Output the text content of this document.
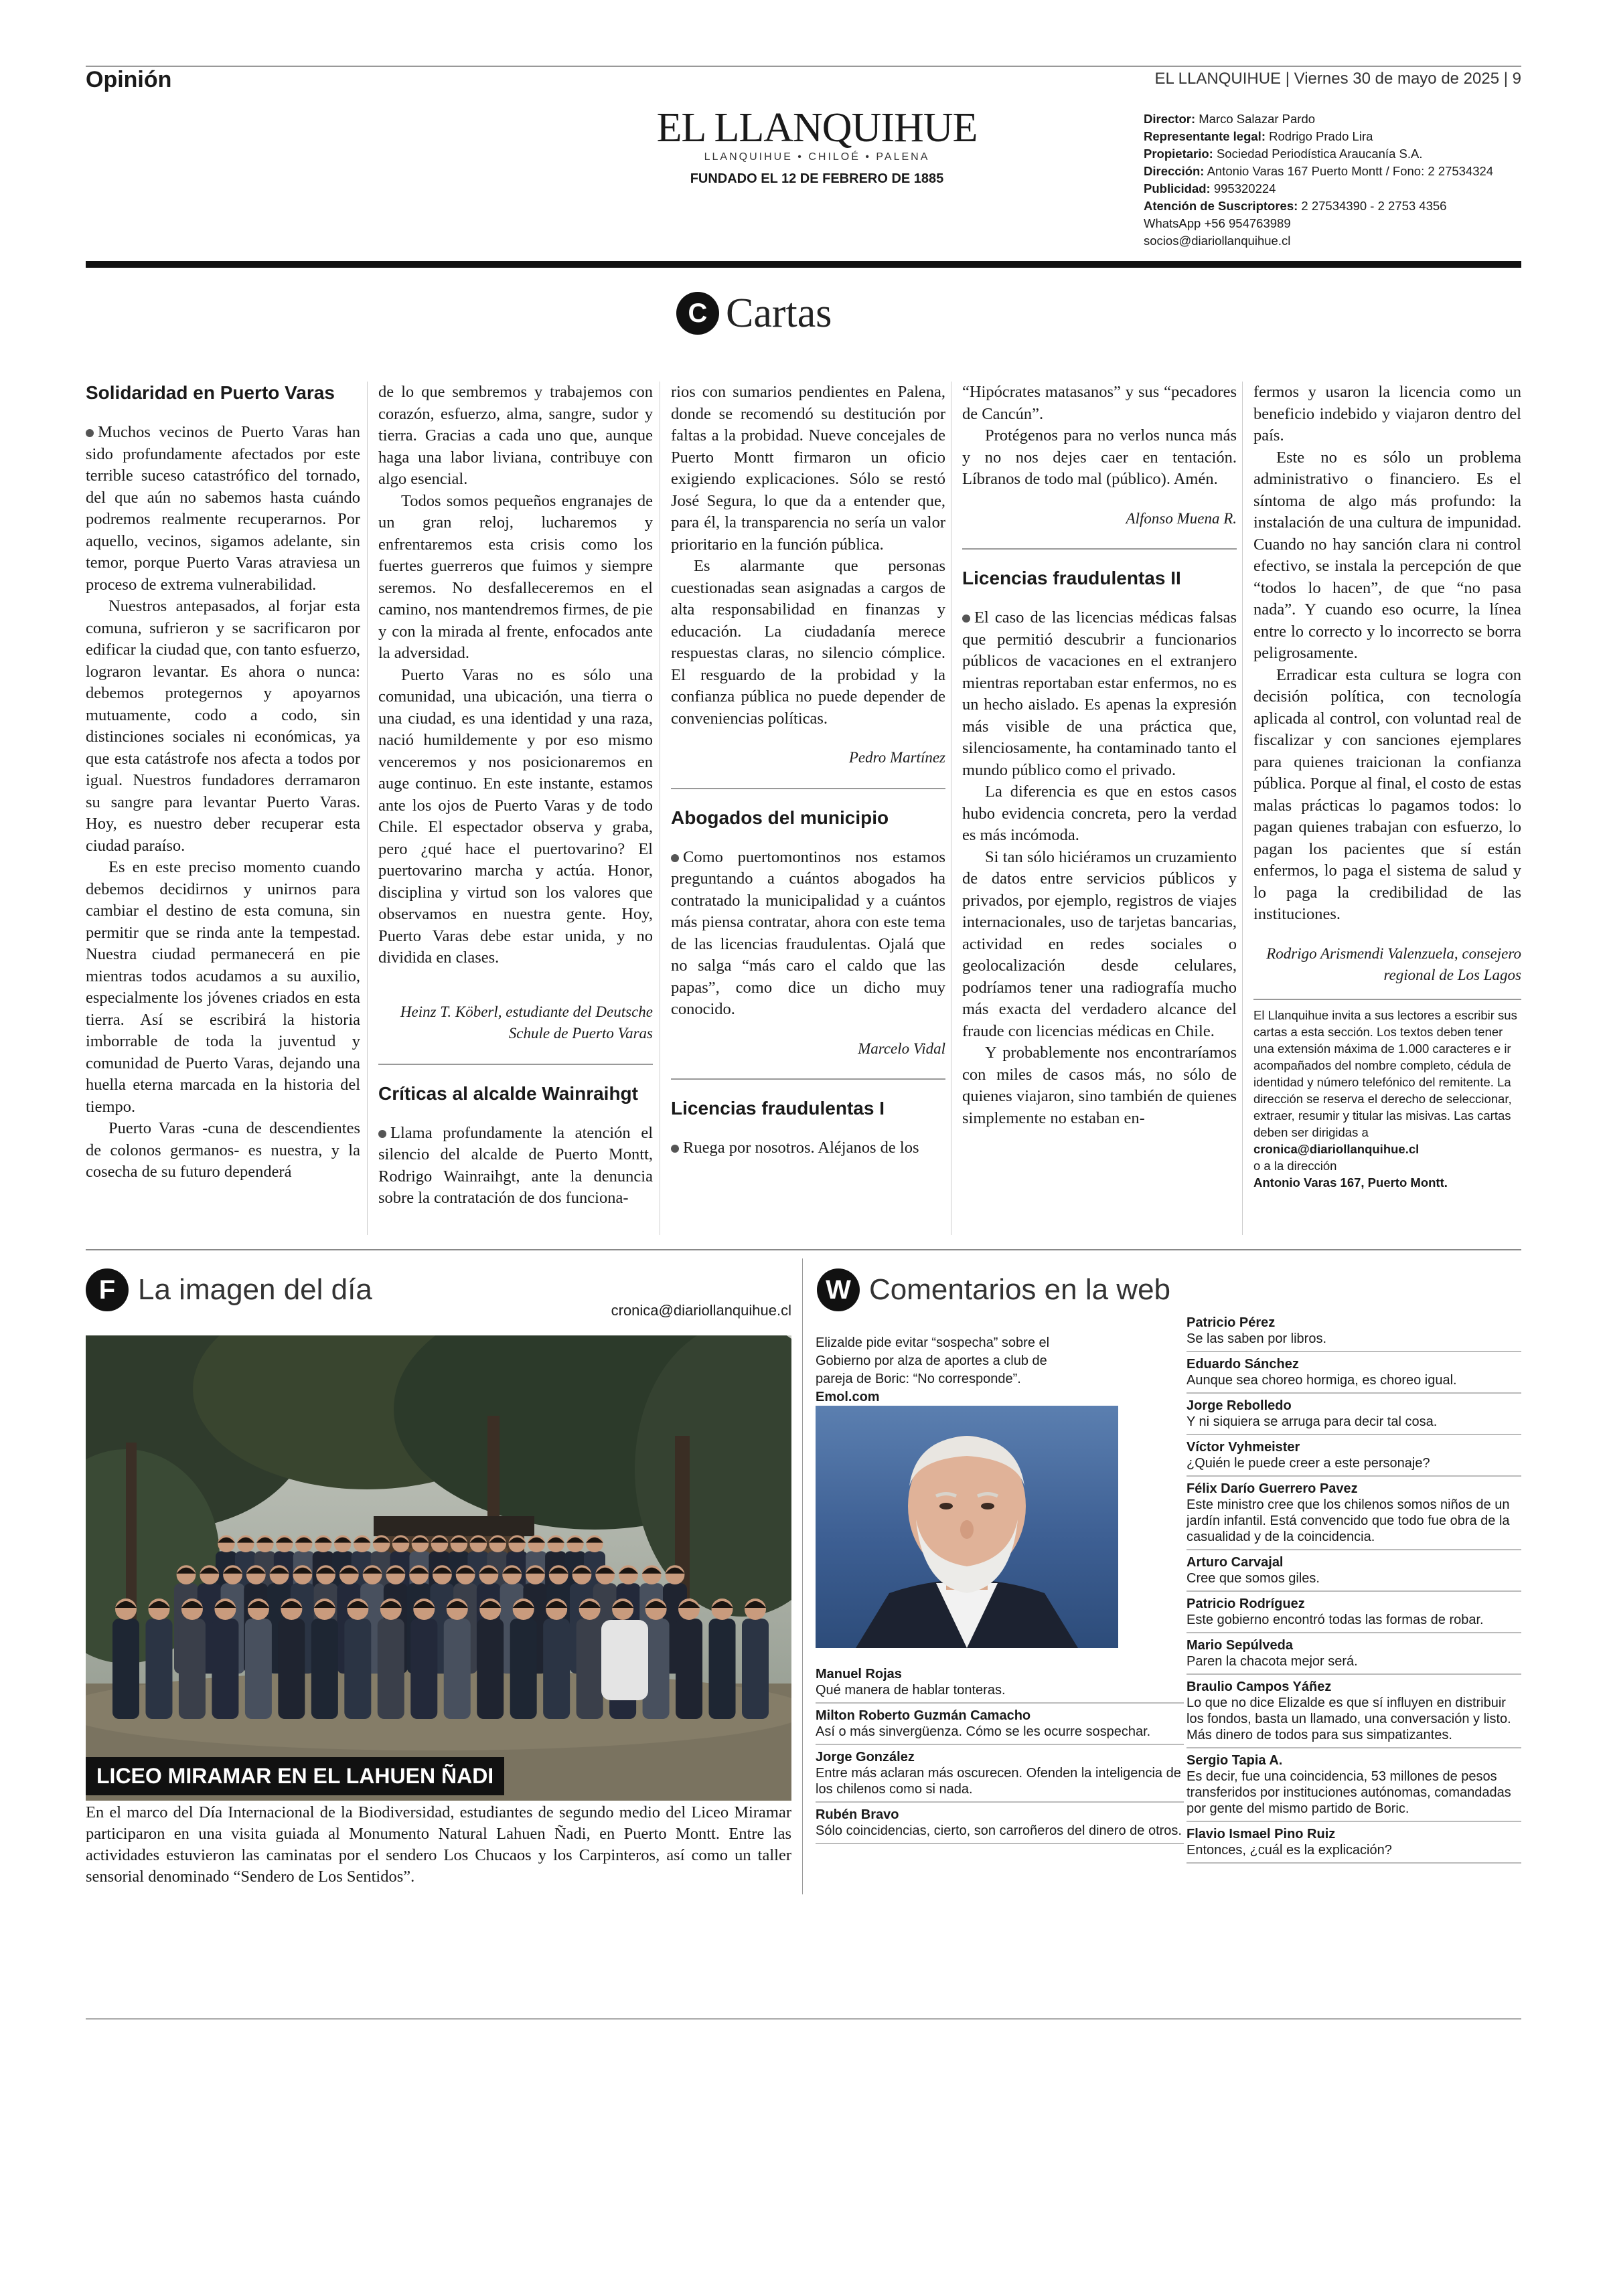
Opinión	EL LLANQUIHUE | Viernes 30 de mayo de 2025 | 9
EL LLANQUIHUE
LLANQUIHUE • CHILOÉ • PALENA
FUNDADO EL 12 DE FEBRERO DE 1885
Director: Marco Salazar Pardo
Representante legal: Rodrigo Prado Lira
Propietario: Sociedad Periodística Araucanía S.A.
Dirección: Antonio Varas 167 Puerto Montt / Fono: 2 27534324
Publicidad: 995320224
Atención de Suscriptores: 2 27534390 - 2 2753 4356
WhatsApp +56 954763989
socios@diariollanquihue.cl
C Cartas
Solidaridad en Puerto Varas

Muchos vecinos de Puerto Varas han sido profundamente afectados por este terrible suceso catastrófico del tornado, del que aún no sabemos hasta cuándo podremos realmente recuperarnos. Por aquello, vecinos, sigamos adelante, sin temor, porque Puerto Varas atraviesa un proceso de extrema vulnerabilidad.

Nuestros antepasados, al forjar esta comuna, sufrieron y se sacrificaron por edificar la ciudad que, con tanto esfuerzo, lograron levantar. Es ahora o nunca: debemos protegernos y apoyarnos mutuamente, codo a codo, sin distinciones sociales ni económicas, ya que esta catástrofe nos afecta a todos por igual. Nuestros fundadores derramaron su sangre para levantar Puerto Varas. Hoy, es nuestro deber recuperar esta ciudad paraíso.

Es en este preciso momento cuando debemos decidirnos y unirnos para cambiar el destino de esta comuna, sin permitir que se rinda ante la tempestad. Nuestra ciudad permanecerá en pie mientras todos acudamos a su auxilio, especialmente los jóvenes criados en esta tierra. Así se escribirá la historia imborrable de toda la juventud y comunidad de Puerto Varas, dejando una huella eterna marcada en la historia del tiempo.

Puerto Varas -cuna de descendientes de colonos germanos- es nuestra, y la cosecha de su futuro dependerá

de lo que sembremos y trabajemos con corazón, esfuerzo, alma, sangre, sudor y tierra. Gracias a cada uno que, aunque haga una labor liviana, contribuye con algo esencial.

Todos somos pequeños engranajes de un gran reloj, lucharemos y enfrentaremos esta crisis como los fuertes guerreros que fuimos y siempre seremos. No desfalleceremos en el camino, nos mantendremos firmes, de pie y con la mirada al frente, enfocados ante la adversidad.

Puerto Varas no es sólo una comunidad, una ubicación, una tierra o una ciudad, es una identidad y una raza, nació humildemente y por eso mismo venceremos y nos posicionaremos en auge continuo. En este instante, estamos ante los ojos de Puerto Varas y de todo Chile. El espectador observa y graba, pero ¿qué hace el puertovarino? El puertovarino marcha y actúa. Honor, disciplina y virtud son los valores que observamos en nuestra gente. Hoy, Puerto Varas debe estar unida, y no dividida en clases.

Heinz T. Köberl, estudiante del Deutsche Schule de Puerto Varas

Críticas al alcalde Wainraihgt

Llama profundamente la atención el silencio del alcalde de Puerto Montt, Rodrigo Wainraihgt, ante la denuncia sobre la contratación de dos funciona-

rios con sumarios pendientes en Palena, donde se recomendó su destitución por faltas a la probidad. Nueve concejales de Puerto Montt firmaron un oficio exigiendo explicaciones. Sólo se restó José Segura, lo que da a entender que, para él, la transparencia no sería un valor prioritario en la función pública.

Es alarmante que personas cuestionadas sean asignadas a cargos de alta responsabilidad en finanzas y educación. La ciudadanía merece respuestas claras, no silencio cómplice. El resguardo de la probidad y la confianza pública no puede depender de conveniencias políticas.

Pedro Martínez

Abogados del municipio

Como puertomontinos nos estamos preguntando a cuántos abogados ha contratado la municipalidad y a cuántos más piensa contratar, ahora con este tema de las licencias fraudulentas. Ojalá que no salga “más caro el caldo que las papas”, como dice un dicho muy conocido.

Marcelo Vidal

Licencias fraudulentas I

Ruega por nosotros. Aléjanos de los

“Hipócrates matasanos” y sus “pecadores de Cancún”.

Protégenos para no verlos nunca más y no nos dejes caer en tentación. Líbranos de todo mal (público). Amén.

Alfonso Muena R.

Licencias fraudulentas II

El caso de las licencias médicas falsas que permitió descubrir a funcionarios públicos de vacaciones en el extranjero mientras reportaban estar enfermos, no es un hecho aislado. Es apenas la expresión más visible de una práctica que, silenciosamente, ha contaminado tanto el mundo público como el privado.

La diferencia es que en estos casos hubo evidencia concreta, pero la verdad es más incómoda.

Si tan sólo hiciéramos un cruzamiento de datos entre servicios públicos y privados, por ejemplo, registros de viajes internacionales, uso de tarjetas bancarias, actividad en redes sociales o geolocalización desde celulares, podríamos tener una radiografía mucho más exacta del verdadero alcance del fraude con licencias médicas en Chile.

Y probablemente nos encontraríamos con miles de casos más, no sólo de quienes viajaron, sino también de quienes simplemente no estaban en-

fermos y usaron la licencia como un beneficio indebido y viajaron dentro del país.

Este no es sólo un problema administrativo o financiero. Es el síntoma de algo más profundo: la instalación de una cultura de impunidad. Cuando no hay sanción clara ni control efectivo, se instala la percepción de que “todos lo hacen”, de que “no pasa nada”. Y cuando eso ocurre, la línea entre lo correcto y lo incorrecto se borra peligrosamente.

Erradicar esta cultura se logra con decisión política, con tecnología aplicada al control, con voluntad real de fiscalizar y con sanciones ejemplares para quienes traicionan la confianza pública. Porque al final, el costo de estas malas prácticas lo pagamos todos: lo pagan quienes trabajan con esfuerzo, lo pagan los pacientes que sí están enfermos, lo paga el sistema de salud y lo paga la credibilidad de las instituciones.

Rodrigo Arismendi Valenzuela, consejero regional de Los Lagos

El Llanquihue invita a sus lectores a escribir sus cartas a esta sección. Los textos deben tener una extensión máxima de 1.000 caracteres e ir acompañados del nombre completo, cédula de identidad y número telefónico del remitente. La dirección se reserva el derecho de seleccionar, extraer, resumir y titular las misivas. Las cartas deben ser dirigidas a
cronica@diariollanquihue.cl
o a la dirección
Antonio Varas 167, Puerto Montt.
F La imagen del día
cronica@diariollanquihue.cl
LICEO MIRAMAR EN EL LAHUEN ÑADI
En el marco del Día Internacional de la Biodiversidad, estudiantes de segundo medio del Liceo Miramar participaron en una visita guiada al Monumento Natural Lahuen Ñadi, en Puerto Montt. Entre las actividades estuvieron las caminatas por el sendero Los Chucaos y los Carpinteros, así como un taller sensorial denominado “Sendero de Los Sentidos”.
W Comentarios en la web
Elizalde pide evitar “sospecha” sobre el Gobierno por alza de aportes a club de pareja de Boric: “No corresponde”. Emol.com
Manuel Rojas
Qué manera de hablar tonteras.
Milton Roberto Guzmán Camacho
Así o más sinvergüenza. Cómo se les ocurre sospechar.
Jorge González
Entre más aclaran más oscurecen. Ofenden la inteligencia de los chilenos como si nada.
Rubén Bravo
Sólo coincidencias, cierto, son carroñeros del dinero de otros.
Patricio Pérez
Se las saben por libros.
Eduardo Sánchez
Aunque sea choreo hormiga, es choreo igual.
Jorge Rebolledo
Y ni siquiera se arruga para decir tal cosa.
Víctor Vyhmeister
¿Quién le puede creer a este personaje?
Félix Darío Guerrero Pavez
Este ministro cree que los chilenos somos niños de un jardín infantil. Está convencido que todo fue obra de la casualidad y de la coincidencia.
Arturo Carvajal
Cree que somos giles.
Patricio Rodríguez
Este gobierno encontró todas las formas de robar.
Mario Sepúlveda
Paren la chacota mejor será.
Braulio Campos Yáñez
Lo que no dice Elizalde es que sí influyen en distribuir los fondos, basta un llamado, una conversación y listo. Más dinero de todos para sus simpatizantes.
Sergio Tapia A.
Es decir, fue una coincidencia, 53 millones de pesos transferidos por instituciones autónomas, comandadas por gente del mismo partido de Boric.
Flavio Ismael Pino Ruiz
Entonces, ¿cuál es la explicación?
